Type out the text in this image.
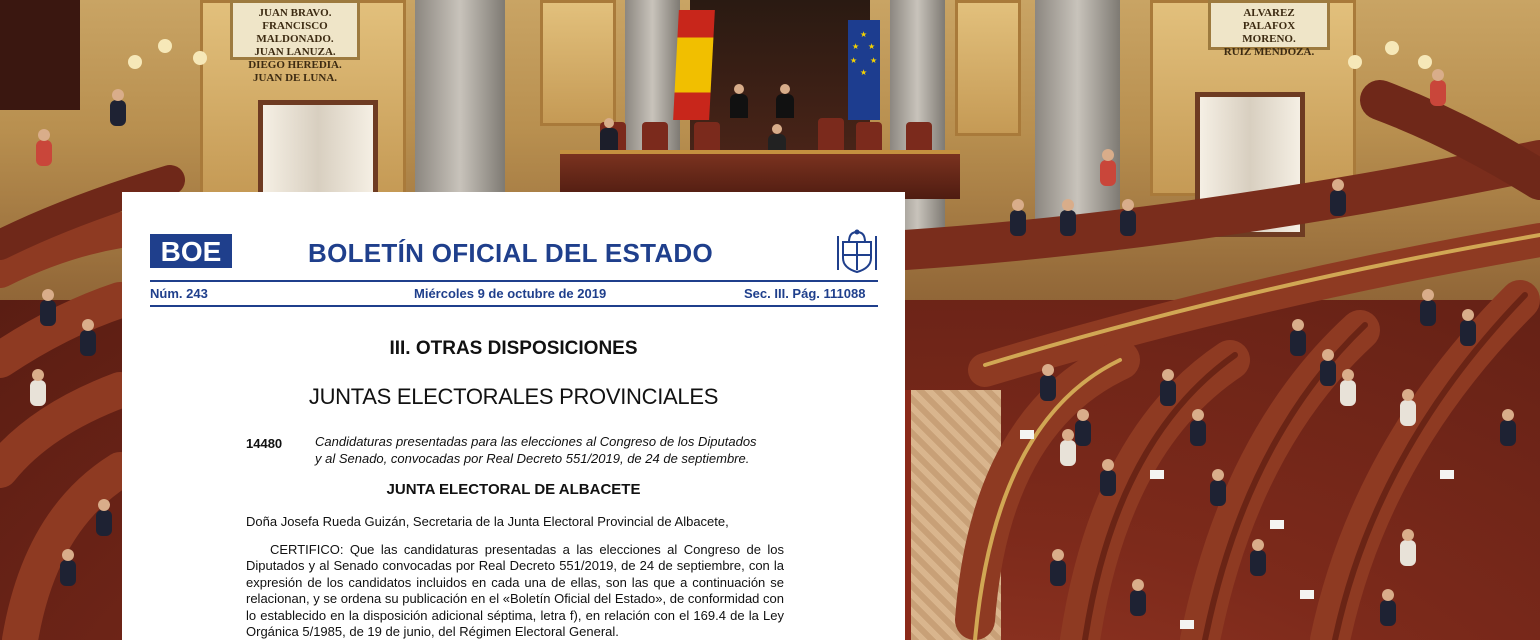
JUAN BRAVO.
FRANCISCO MALDONADO.
JUAN LANUZA.
DIEGO HEREDIA.
JUAN DE LUNA.
ALVAREZ
PALAFOX
MORENO.
RUIZ MENDOZA.
★
★ ★
★ ★
★
BOE	BOLETÍN OFICIAL DEL ESTADO
Núm. 243	Miércoles 9 de octubre de 2019	Sec. III. Pág. 111088
III. OTRAS DISPOSICIONES
JUNTAS ELECTORALES PROVINCIALES
14480	Candidaturas presentadas para las elecciones al Congreso de los Diputados y al Senado, convocadas por Real Decreto 551/2019, de 24 de septiembre.
JUNTA ELECTORAL DE ALBACETE
Doña Josefa Rueda Guizán, Secretaria de la Junta Electoral Provincial de Albacete,
CERTIFICO: Que las candidaturas presentadas a las elecciones al Congreso de los Diputados y al Senado convocadas por Real Decreto 551/2019, de 24 de septiembre, con la expresión de los candidatos incluidos en cada una de ellas, son las que a continuación se relacionan, y se ordena su publicación en el «Boletín Oficial del Estado», de conformidad con lo establecido en la disposición adicional séptima, letra f), en relación con el 169.4 de la Ley Orgánica 5/1985, de 19 de junio, del Régimen Electoral General.
